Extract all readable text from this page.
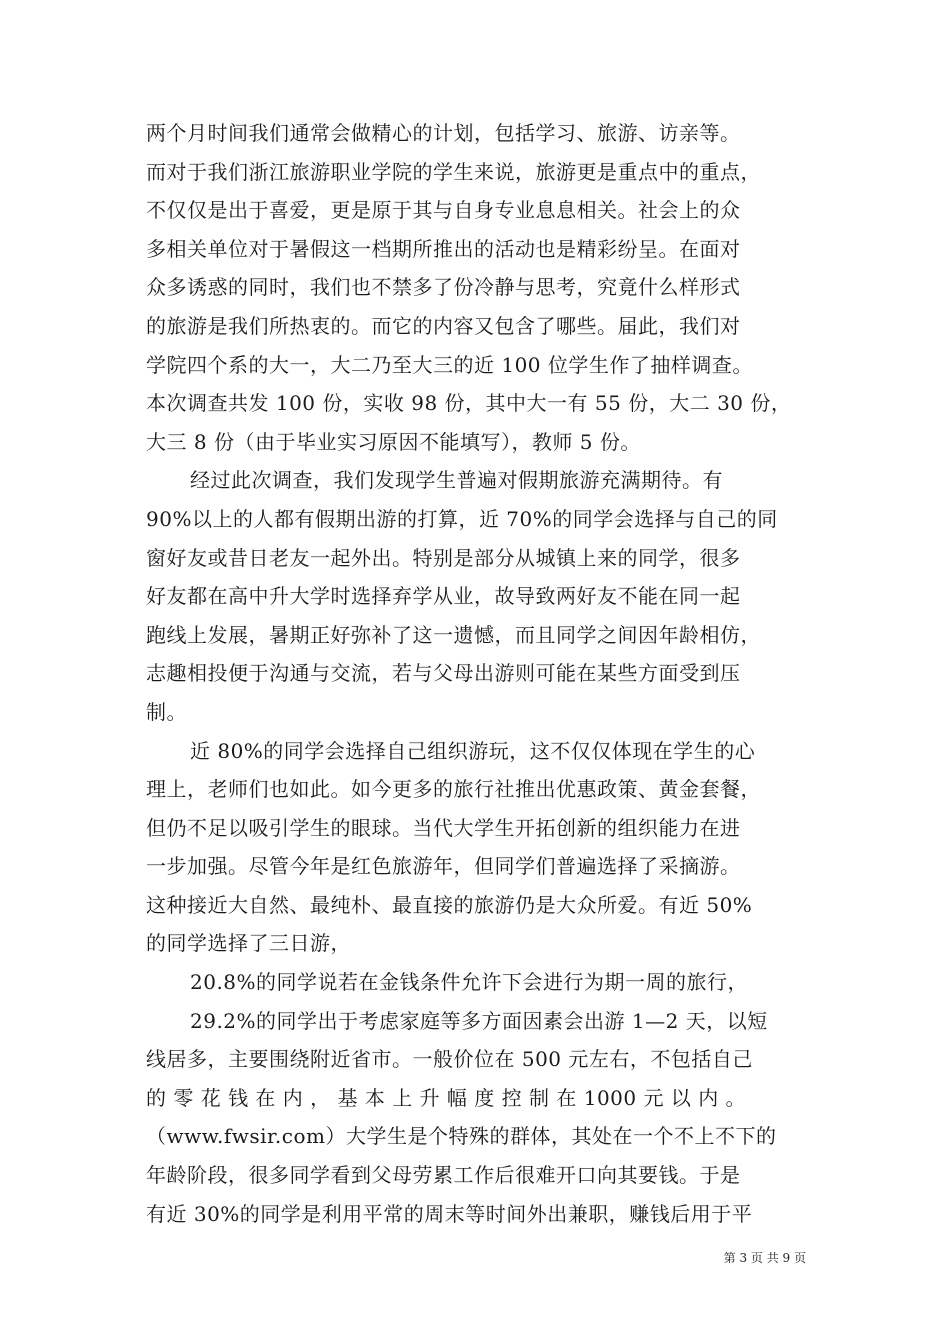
两个月时间我们通常会做精心的计划，包括学习、旅游、访亲等。
而对于我们浙江旅游职业学院的学生来说，旅游更是重点中的重点，
不仅仅是出于喜爱，更是原于其与自身专业息息相关。社会上的众
多相关单位对于暑假这一档期所推出的活动也是精彩纷呈。在面对
众多诱惑的同时，我们也不禁多了份冷静与思考，究竟什么样形式
的旅游是我们所热衷的。而它的内容又包含了哪些。届此，我们对
学院四个系的大一，大二乃至大三的近 100 位学生作了抽样调查。
本次调查共发 100 份，实收 98 份，其中大一有 55 份，大二 30 份，
大三 8 份（由于毕业实习原因不能填写），教师 5 份。
经过此次调查，我们发现学生普遍对假期旅游充满期待。有
90%以上的人都有假期出游的打算，近 70%的同学会选择与自己的同
窗好友或昔日老友一起外出。特别是部分从城镇上来的同学，很多
好友都在高中升大学时选择弃学从业，故导致两好友不能在同一起
跑线上发展，暑期正好弥补了这一遗憾，而且同学之间因年龄相仿，
志趣相投便于沟通与交流，若与父母出游则可能在某些方面受到压
制。
近 80%的同学会选择自己组织游玩，这不仅仅体现在学生的心
理上，老师们也如此。如今更多的旅行社推出优惠政策、黄金套餐，
但仍不足以吸引学生的眼球。当代大学生开拓创新的组织能力在进
一步加强。尽管今年是红色旅游年，但同学们普遍选择了采摘游。
这种接近大自然、最纯朴、最直接的旅游仍是大众所爱。有近 50%
的同学选择了三日游，
20.8%的同学说若在金钱条件允许下会进行为期一周的旅行，
29.2%的同学出于考虑家庭等多方面因素会出游 1—2 天，以短
线居多，主要围绕附近省市。一般价位在 500 元左右，不包括自己
的 零 花 钱 在 内 ， 基 本 上 升 幅 度 控 制 在 1000 元 以 内 。
（www.fwsir.com）大学生是个特殊的群体，其处在一个不上不下的
年龄阶段，很多同学看到父母劳累工作后很难开口向其要钱。于是
有近 30%的同学是利用平常的周末等时间外出兼职，赚钱后用于平
第 3 页 共 9 页
